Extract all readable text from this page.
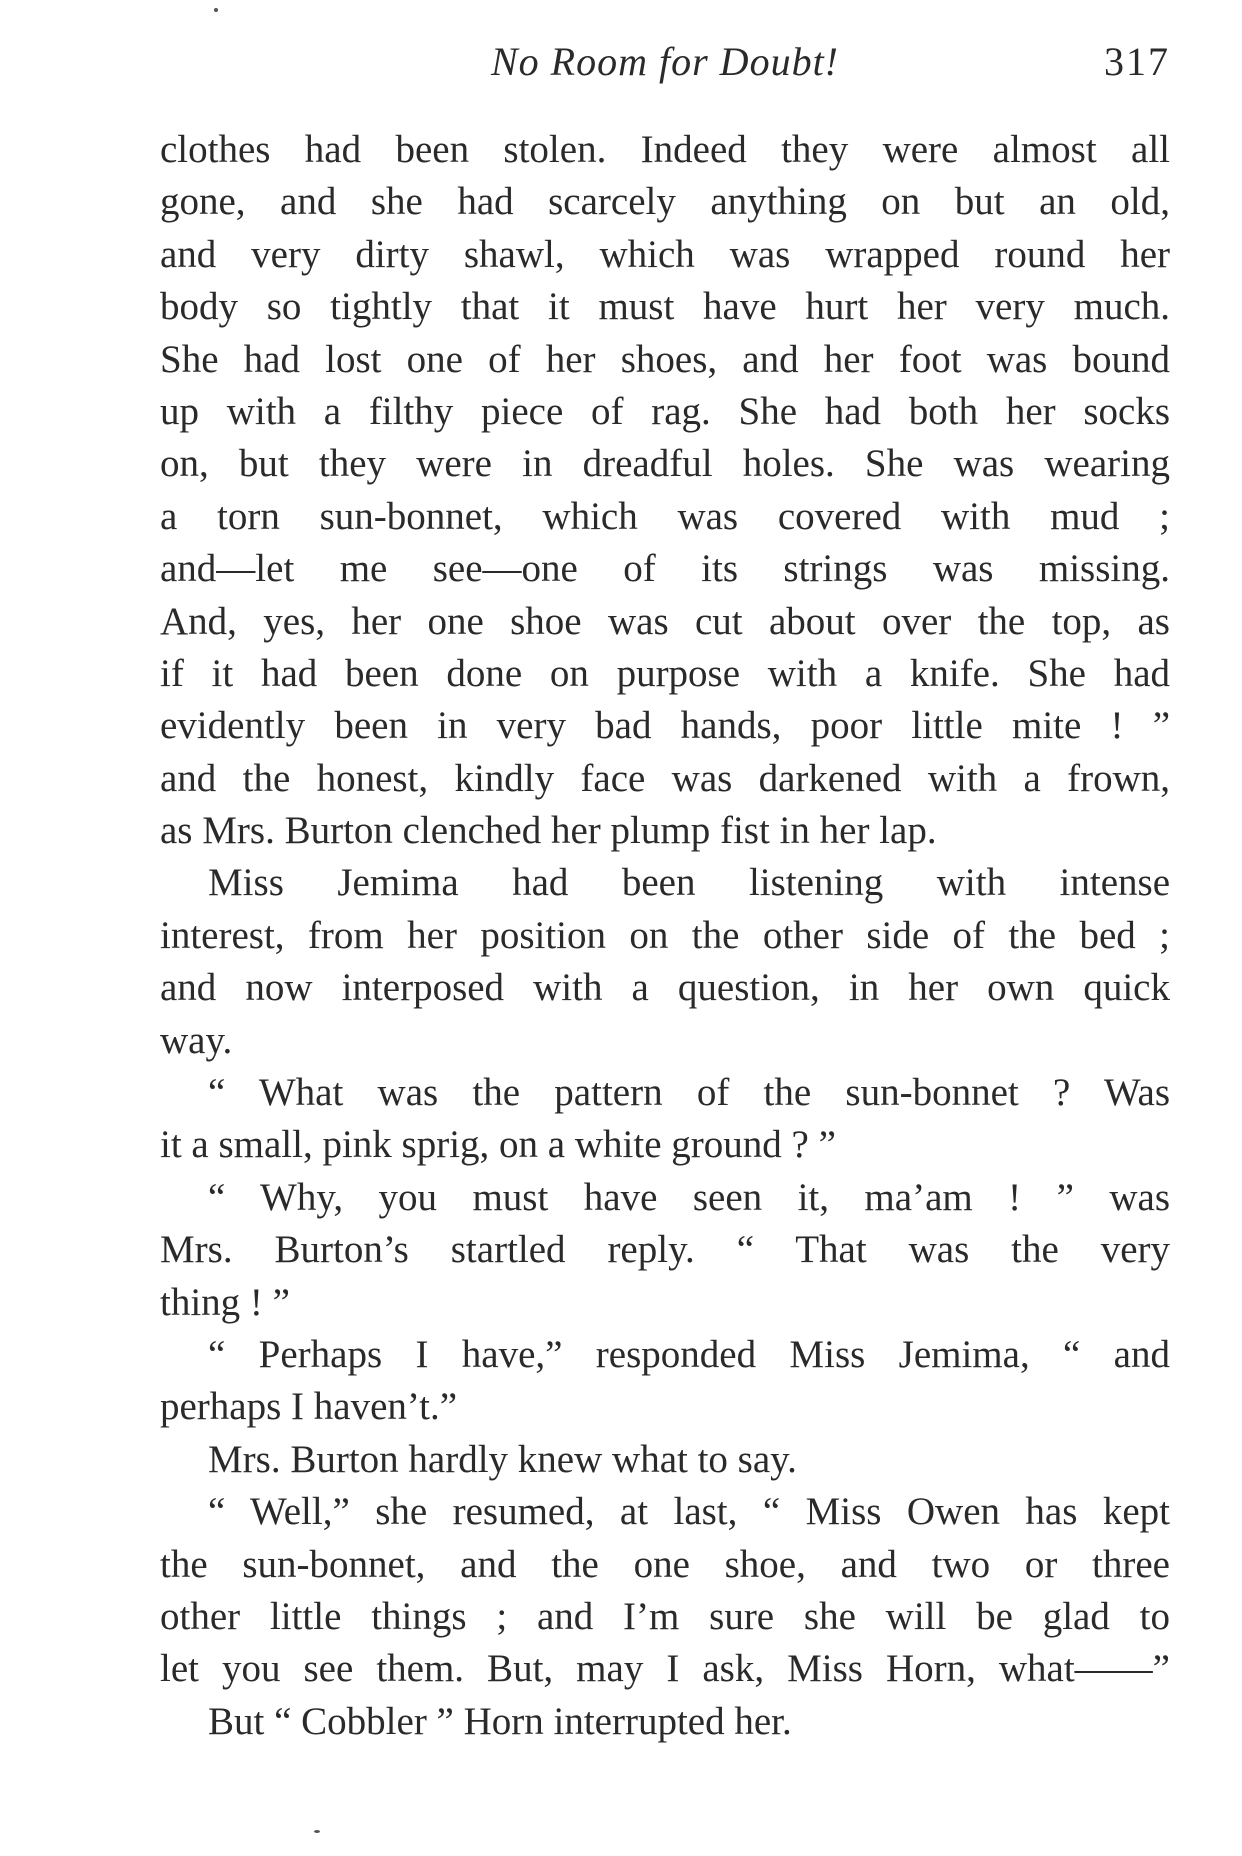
No Room for Doubt!	317
clothes had been stolen. Indeed they were almost all
gone, and she had scarcely anything on but an old,
and very dirty shawl, which was wrapped round her
body so tightly that it must have hurt her very much.
She had lost one of her shoes, and her foot was bound
up with a filthy piece of rag. She had both her socks
on, but they were in dreadful holes. She was wearing
a torn sun-bonnet, which was covered with mud ;
and—let me see—one of its strings was missing.
And, yes, her one shoe was cut about over the top, as
if it had been done on purpose with a knife. She had
evidently been in very bad hands, poor little mite ! ”
and the honest, kindly face was darkened with a frown,
as Mrs. Burton clenched her plump fist in her lap.
Miss Jemima had been listening with intense
interest, from her position on the other side of the bed ;
and now interposed with a question, in her own quick
way.
“ What was the pattern of the sun-bonnet ? Was
it a small, pink sprig, on a white ground ? ”
“ Why, you must have seen it, ma’am ! ” was
Mrs. Burton’s startled reply. “ That was the very
thing ! ”
“ Perhaps I have,” responded Miss Jemima, “ and
perhaps I haven’t.”
Mrs. Burton hardly knew what to say.
“ Well,” she resumed, at last, “ Miss Owen has kept
the sun-bonnet, and the one shoe, and two or three
other little things ; and I’m sure she will be glad to
let you see them. But, may I ask, Miss Horn, what——”
But “ Cobbler ” Horn interrupted her.
